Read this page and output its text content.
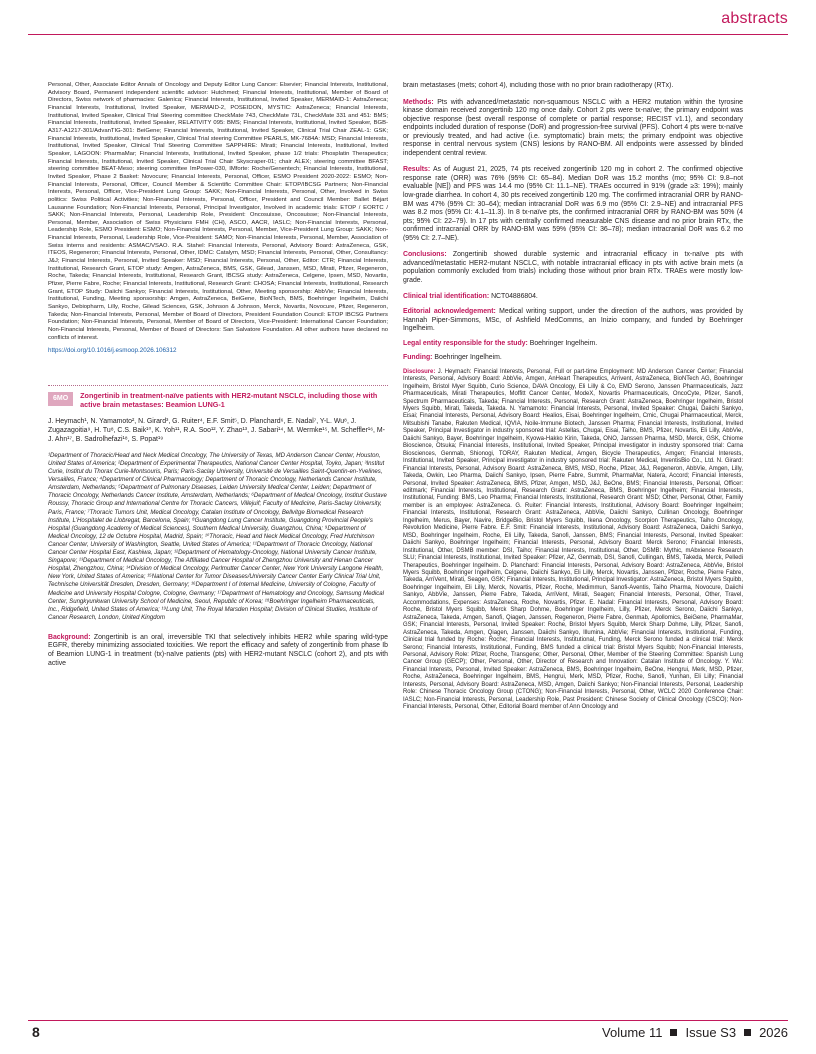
abstracts

Personal, Other, Associate Editor Annals of Oncology and Deputy Editor Lung Cancer: Elsevier; Financial Interests, Institutional, Advisory Board, Permanent independent scientific advisor: Hutchmed; Financial Interests, Institutional, Member of Board of Directors, Swiss network of pharmacies: Galenica; Financial Interests, Institutional, Invited Speaker, MERMAID-1: AstraZeneca; Financial Interests, Institutional, Invited Speaker, MERMAID-2, POSEIDON, MYSTIC: AstraZeneca; Financial Interests, Institutional, Invited Speaker, Clinical Trial Steering committee CheckMate 743, CheckMate 73L, CheckMate 331 and 451: BMS; Financial Interests, Institutional, Invited Speaker, RELATIVITY 095: BMS; Financial Interests, Institutional, Invited Speaker, BGB-A317-A1217-301/AdvanTIG-301: BeiGene; Financial Interests, Institutional, Invited Speaker, Clinical Trial Chair ZEAL-1: GSK; Financial Interests, Institutional, Invited Speaker, Clinical Trial steering Committee PEARLS, MK-7684A: MSD; Financial Interests, Institutional, Invited Speaker, Clinical Trial Steering Committee SAPPHIRE: Mirati; Financial Interests, Institutional, Invited Speaker, LAGOON: PharmaMar; Financial Interests, Institutional, Invited Speaker, phase 1/2 trials: Phosplatin Therapeutics; Financial Interests, Institutional, Invited Speaker, Clinical Trial Chair Skyscraper-01; chair ALEX; steering committee BFAST; steering committee BEAT-Meso; steering committee ImPower-030, IMforte: Roche/Genentech; Financial Interests, Institutional, Invited Speaker, Phase 2 Basket: Novocure; Financial Interests, Personal, Officer, ESMO President 2020-2022: ESMO; Non-Financial Interests, Personal, Officer, Council Member & Scientific Committee Chair: ETOP/IBCSG Partners; Non-Financial Interests, Personal, Officer, Vice-President Lung Group: SAKK; Non-Financial Interests, Personal, Other, Involved in Swiss politics: Swiss Political Activities; Non-Financial Interests, Personal, Officer, President and Council Member: Ballet Béjart Lausanne Foundation; Non-Financial Interests, Personal, Principal Investigator, Involved in academic trials: ETOP / EORTC / SAKK; Non-Financial Interests, Personal, Leadership Role, President: Oncosuisse, Oncosuisse; Non-Financial Interests, Personal, Member, Association of Swiss Physicians FMH (CH), ASCO, AACR, IASLC; Non-Financial Interests, Personal, Leadership Role, ESMO President: ESMO; Non-Financial Interests, Personal, Member, Vice-President Lung Group: SAKK; Non-Financial Interests, Personal, Leadership Role, Vice-President: SAMO; Non-Financial Interests, Personal, Member, Association of Swiss interns and residents: ASMAC/VSAO. R.A. Stahel: Financial Interests, Personal, Advisory Board: AstraZeneca, GSK, ITEOS, Regeneron; Financial Interests, Personal, Other, IDMC: Catalym, MSD; Financial Interests, Personal, Other, Consultancy: J&J; Financial Interests, Personal, Invited Speaker: MSD; Financial Interests, Personal, Other, Editor: CTR; Financial Interests, Institutional, Research Grant, ETOP study: Amgen, AstraZeneca, BMS, GSK, Gilead, Janssen, MSD, Mirati, Pfizer, Regeneron, Roche, Takeda; Financial Interests, Institutional, Research Grant, IBCSG study: AstraZeneca, Celgene, Ipsen, MSD, Novartis, Pfizer, Pierre Fabre, Roche; Financial Interests, Institutional, Research Grant: CHOSA; Financial Interests, Institutional, Research Grant, ETOP Study: Daiichi Sankyo; Financial Interests, Institutional, Other, Meeting sponsorship: AbbVie; Financial Interests, Institutional, Funding, Meeting sponsorship: Amgen, AstraZeneca, BeiGene, BioNTech, BMS, Boehringer Ingelheim, Daiichi Sankyo, Debiopharm, Lilly, Roche, Gilead Sciences, GSK, Johnson & Johnson, Merck, Novartis, Novocure, Pfizer, Regeneron, Takeda; Non-Financial Interests, Personal, Member of Board of Directors, President Foundation Council: ETOP IBCSG Partners Foundation; Non-Financial Interests, Personal, Member of Board of Directors, Vice-President: International Cancer Foundation; Non-Financial Interests, Personal, Member of Board of Directors: San Salvatore Foundation. All other authors have declared no conflicts of interest.

https://doi.org/10.1016/j.esmoop.2026.106312
6MO	Zongertinib in treatment-naïve patients with HER2-mutant NSCLC, including those with active brain metastases: Beamion LUNG-1

J. Heymach¹, N. Yamamoto², N. Girard³, G. Ruiter⁴, E.F. Smit⁵, D. Planchard⁶, E. Nadal⁷, Y-L. Wu⁸, J. Zugazagoitia⁹, H. Tu⁸, C.S. Baik¹⁰, K. Yoh¹¹, R.A. Soo¹², Y. Zhao¹³, J. Sabari¹⁴, M. Wermke¹⁵, M. Scheffler¹⁶, M-J. Ahn¹⁷, B. Sadrolhefazi¹⁸, S. Popat¹⁹

¹Department of Thoracic/Head and Neck Medical Oncology, The University of Texas, MD Anderson Cancer Center, Houston, United States of America; ²Department of Experimental Therapeutics, National Cancer Center Hospital, Toyko, Japan; ³Institut Curie, Institut du Thorax Curie-Montsouris, Paris; Paris-Saclay University, Université de Versailles Saint-Quentin-en-Yvelines, Versailles, France; ⁴Department of Clinical Pharmacology; Department of Thoracic Oncology, Netherlands Cancer Institute, Amsterdam, Netherlands; ⁵Department of Pulmonary Diseases, Leiden University Medical Center, Leiden; Department of Thoracic Oncology, Netherlands Cancer Institute, Amsterdam, Netherlands; ⁶Department of Medical Oncology, Institut Gustave Roussy, Thoracic Group and International Centre for Thoracic Cancers, Villejuif; Faculty of Medicine, Paris-Saclay University, Paris, France; ⁷Thoracic Tumors Unit, Medical Oncology, Catalan Institute of Oncology, Bellvitge Biomedical Research Institute, L'Hospitalet de Llobregat, Barcelona, Spain; ⁸Guangdong Lung Cancer Institute, Guangdong Provincial People's Hospital (Guangdong Academy of Medical Sciences), Southern Medical University, Guangzhou, China; ⁹Department of Medical Oncology, 12 de Octubre Hospital, Madrid, Spain; ¹⁰Thoracic, Head and Neck Medical Oncology, Fred Hutchinson Cancer Center, University of Washington, Seattle, United States of America; ¹¹Department of Thoracic Oncology, National Cancer Center Hospital East, Kashiwa, Japan; ¹²Department of Hematology-Oncology, National University Cancer Institute, Singapore; ¹³Department of Medical Oncology, The Affiliated Cancer Hospital of Zhengzhou University and Henan Cancer Hospital, Zhengzhou, China; ¹⁴Division of Medical Oncology, Perlmutter Cancer Center, New York University Langone Health, New York, United States of America; ¹⁵National Center for Tumor Diseases/University Cancer Center Early Clinical Trial Unit, Technische Universität Dresden, Dresden, Germany; ¹⁶Department I of Internal Medicine, University of Cologne, Faculty of Medicine and University Hospital Cologne, Cologne, Germany; ¹⁷Department of Hematology and Oncology, Samsung Medical Center, Sungkyunkwan University School of Medicine, Seoul, Republic of Korea; ¹⁸Boehringer Ingelheim Pharmaceuticals, Inc., Ridgefield, United States of America; ¹⁹Lung Unit, The Royal Marsden Hospital; Division of Clinical Studies, Institute of Cancer Research, London, United Kingdom

Background: Zongertinib is an oral, irreversible TKI that selectively inhibits HER2 while sparing wild-type EGFR, thereby minimizing associated toxicities. We report the efficacy and safety of zongertinib from phase Ib of Beamion LUNG-1 in treatment (tx)-naïve patients (pts) with HER2-mutant NSCLC (cohort 2), and pts with active

brain metastases (mets; cohort 4), including those with no prior brain radiotherapy (RTx).

Methods: Pts with advanced/metastatic non-squamous NSCLC with a HER2 mutation within the tyrosine kinase domain received zongertinib 120 mg once daily. Cohort 2 pts were tx-naïve; the primary endpoint was objective response (best overall response of complete or partial response; RECIST v1.1), and secondary endpoints included duration of response (DoR) and progression-free survival (PFS). Cohort 4 pts were tx-naïve or previously treated, and had active (i.e. symptomatic) brain mets; the primary endpoint was objective response in central nervous system (CNS) lesions by RANO-BM. All endpoints were assessed by blinded independent central review.

Results: As of August 21, 2025, 74 pts received zongertinib 120 mg in cohort 2. The confirmed objective response rate (ORR) was 76% (95% CI: 65–84). Median DoR was 15.2 months (mo; 95% CI: 9.8–not evaluable [NE]) and PFS was 14.4 mo (95% CI: 11.1–NE). TRAEs occurred in 91% (grade ≥3: 19%); mainly low-grade diarrhea. In cohort 4, 30 pts received zongertinib 120 mg. The confirmed intracranial ORR by RANO-BM was 47% (95% CI: 30–64); median intracranial DoR was 6.9 mo (95% CI: 2.9–NE) and intracranial PFS was 8.2 mos (95% CI: 4.1–11.3). In 8 tx-naïve pts, the confirmed intracranial ORR by RANO-BM was 50% (4 pts; 95% CI: 22–79). In 17 pts with centrally confirmed measurable CNS disease and no prior brain RTx, the confirmed intracranial ORR by RANO-BM was 59% (95% CI: 36–78); median intracranial DoR was 6.2 mo (95% CI: 2.7–NE).

Conclusions: Zongertinib showed durable systemic and intracranial efficacy in tx-naïve pts with advanced/metastatic HER2-mutant NSCLC, with notable intracranial efficacy in pts with active brain mets (a population commonly excluded from trials) including those without prior brain RTx. TRAEs were mostly low-grade.

Clinical trial identification: NCT04886804.

Editorial acknowledgement: Medical writing support, under the direction of the authors, was provided by Hannah Piper-Simmons, MSc, of Ashfield MedComms, an Inizio company, and funded by Boehringer Ingelheim.

Legal entity responsible for the study: Boehringer Ingelheim.

Funding: Boehringer Ingelheim.

Disclosure: J. Heymach: Financial Interests, Personal, Full or part-time Employment: MD Anderson Cancer Center; Financial Interests, Personal, Advisory Board: AbbVie, Amgen, AnHeart Therapeutics, Arrivent, AstraZeneca, BioNTech AG, Boehringer Ingelheim, Bristol Myer Squibb, Curio Science, DAVA Oncology, Eli Lilly & Co, EMD Serono, Janssen Pharmaceuticals, Jazz Pharmaceuticals, Mirati Therapeutics, Moffitt Cancer Center, ModeX, Novartis Pharmaceuticals, OncoCyte, Pfizer, Sanofi, Spectrum Pharmaceuticals, Takeda; Financial Interests, Personal, Research Grant: AstraZeneca, Boehringer Ingelheim, Bristol Myers Squibb, Mirati, Takeda, Takeda. N. Yamamoto: Financial Interests, Personal, Invited Speaker: Chugai, Daiichi Sankyo, Eisai; Financial Interests, Personal, Advisory Board: Healios, Eisai, Boehringer Ingelheim, Cmic, Chugai Pharmaceutical, Merck, Mitsubishi Tanabe, Rakuten Medical, IQVIA, Noile-Immune Biotech, Janssen Pharma; Financial Interests, Institutional, Invited Speaker, Principal Investigator in industry sponsored trial: Astellas, Chugai, Eisai, Taiho, BMS, Pfizer, Novartis, Eli Lilly, AbbVie, Daiichi Sankyo, Bayer, Boehringer Ingelheim, Kyowa-Hakko Kirin, Takeda, ONO, Janssen Pharma, MSD, Merck, GSK, Chiome Bioscience, Otsuka; Financial Interests, Institutional, Invited Speaker, Principal investigator in industry sponsored trial: Carna Biosciences, Genmab, Shionogi, TORAY, Rakuten Medical, Amgen, Bicycle Therapeutics, Amgen; Financial Interests, Institutional, Invited Speaker, Principal investigator in industry sponsored trial: Rakuten Medical, InventisBio Co., Ltd. N. Girard: Financial Interests, Personal, Advisory Board: AstraZeneca, BMS, MSD, Roche, Pfizer, J&J, Regeneron, AbbVie, Amgen, Lilly, Takeda, Owkin, Leo Pharma, Daiichi Sankyo, Ipsen, Pierre Fabre, Summit, PharmaMar, Natera, Accord; Financial Interests, Personal, Invited Speaker: AstraZeneca, BMS, Pfizer, Amgen, MSD, J&J, BeOne, BMS; Financial Interests, Personal, Officer: editmark; Financial Interests, Institutional, Research Grant: AstraZeneca, BMS, Boehringer Ingelheim; Financial Interests, Institutional, Funding: BMS, Leo Pharma; Financial Interests, Institutional, Research Grant: MSD; Other, Personal, Other, Family member is an employee: AstraZeneca. G. Ruiter: Financial Interests, Institutional, Advisory Board: Boehringer Ingelheim; Financial Interests, Institutional, Research Grant: AstraZeneca, AbbVie, Daiichi Sankyo, Cullinan Oncology, Boehringer Ingelheim, Merus, Bayer, Navire, BridgeBio, Bristol Myers Squibb, Ikena Oncology, Scorpion Therapeutics, Taiho Oncology, Revolution Medicine, Pierre Fabre. E.F. Smit: Financial Interests, Institutional, Advisory Board: AstraZeneca, Daiichi Sankyo, MSD, Boehringer Ingelheim, Roche, Eli Lilly, Takeda, Sanofi, Janssen, BMS; Financial Interests, Personal, Invited Speaker: Daiichi Sankyo, Boehringer Ingelheim; Financial Interests, Personal, Advisory Board: Merck Serono; Financial Interests, Institutional, Other, DSMB member: DSI, Taiho; Financial Interests, Institutional, Other, DSMB: Mythic, mAbxience Research SLU; Financial Interests, Institutional, Invited Speaker: Pfizer, AZ, Genmab, DSI, Sanofi, Cullingan, BMS, Takeda, Merck, Pelledi Therapeutics, Boehringer Ingelheim. D. Planchard: Financial Interests, Personal, Advisory Board: AstraZeneca, AbbVie, Bristol Myers Squibb, Boehringer Ingelheim, Celgene, Daiichi Sankyo, Eli Lilly, Merck, Novartis, Janssen, Pfizer, Roche, Pierre Fabre, Takeda, ArriVent, Mirati, Seagen, GSK; Financial Interests, Institutional, Principal Investigator: AstraZeneca, Bristol Myers Squibb, Boehringer Ingelheim, Eli Lilly, Merck, Novartis, Pfizer, Roche, Medimmun, Sanofi-Aventis, Taiho Pharma, Novocure, Daiichi Sankyo, AbbVie, Janssen, Pierre Fabre, Takeda, ArriVent, Mirati, Seagen; Financial Interests, Personal, Other, Travel, Accommodations, Expenses: AstraZeneca, Roche, Novartis, Pfizer. E. Nadal: Financial Interests, Personal, Advisory Board: Roche, Bristol Myers Squibb, Merck Sharp Dohme, Boehringer Ingelheim, Lilly, Pfizer, Merck Serono, Daiichi Sankyo, AstraZeneca, Takeda, Amgen, Sanofi, Qiagen, Janssen, Regeneron, Pierre Fabre, Genmab, Apollomics, BeiGene, PharmaMar, GSK; Financial Interests, Personal, Invited Speaker: Roche, Bristol Myers Squibb, Merck Sharp Dohme, Lilly, Pfizer, Sanofi, AstraZeneca, Takeda, Amgen, Qiagen, Janssen, Daiichi Sankyo, Illumina, AbbVie; Financial Interests, Institutional, Funding, Clinical trial funded by Roche: Roche; Financial Interests, Institutional, Funding, Merck Serono funded a clinical trial: Merck Serono; Financial Interests, Institutional, Funding, BMS funded a clinical trial: Bristol Myers Squibb; Non-Financial Interests, Personal, Advisory Role: Pfizer, Roche, Transgene; Other, Personal, Other, Member of the Steering Committee: Spanish Lung Cancer Group (GECP); Other, Personal, Other, Director of Research and Innovation: Catalan Institute of Oncology. Y. Wu: Financial Interests, Personal, Invited Speaker: AstraZeneca, BMS, Boehringer Ingelheim, BeOne, Hengrui, Merk, MSD, Pfizer, Roche, AstraZeneca, Boehringer Ingelheim, BMS, Hengrui, Merk, MSD, Pfizer, Roche, Sanofi, Yunhan, Eli Lilly; Financial Interests, Personal, Advisory Board: AstraZeneca, MSD, Amgen, Daiichi Sankyo; Non-Financial Interests, Personal, Leadership Role: Chinese Thoracic Oncology Group (CTONG); Non-Financial Interests, Personal, Other, WCLC 2020 Conference Chair: IASLC; Non-Financial Interests, Personal, Leadership Role, Past President: Chinese Society of Clinical Oncology (CSCO); Non-Financial Interests, Personal, Other, Editorial Board member of Ann Oncology and

8	Volume 11 Issue S3 2026
